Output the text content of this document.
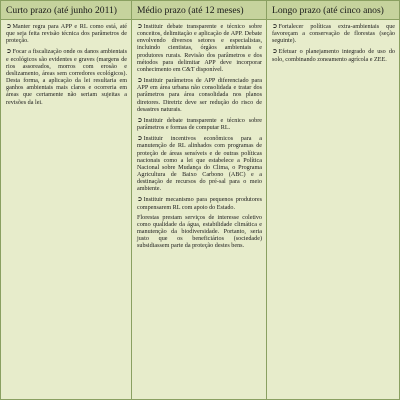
Curto prazo (até junho 2011)
➲Manter regra para APP e RL como está, até que seja feita revisão técnica dos parâmetros de proteção.
➲Focar a fiscalização onde os danos ambientais e ecológicos são evidentes e graves (margens de rios assoreados, morros com erosão e deslizamento, áreas sem corredores ecológicos). Desta forma, a aplicação da lei resultaria em ganhos ambientais mais claros e ocorreria em áreas que certamente não seriam sujeitas a revisões da lei.
Médio prazo (até 12 meses)
➲Instituir debate transparente e técnico sobre conceitos, delimitação e aplicação de APP. Debate envolvendo diversos setores e especialistas, incluindo cientistas, órgãos ambientais e produtores rurais. Revisão dos parâmetros e dos métodos para delimitar APP deve incorporar conhecimento em C&T disponível.
➲Instituir parâmetros de APP diferenciado para APP em área urbana não consolidada e tratar dos parâmetros para área consolidada nos planos diretores. Diretriz deve ser redução do risco de desastres naturais.
➲Instituir debate transparente e técnico sobre parâmetros e formas de computar RL.
➲Instituir incentivos econômicos para a manutenção de RL alinhados com programas de proteção de áreas sensíveis e de outras políticas nacionais como a lei que estabelece a Política Nacional sobre Mudança do Clima, o Programa Agricultura de Baixo Carbono (ABC) e a destinação de recursos do pré-sal para o meio ambiente.
➲Instituir mecanismo para pequenos produtores compensarem RL com apoio do Estado.
Florestas prestam serviços de interesse coletivo como qualidade da água, estabilidade climática e manutenção da biodiversidade. Portanto, seria justo que os beneficiários (sociedade) subsidiassem parte da proteção destes bens.
Longo prazo (até cinco anos)
➲Fortalecer políticas extra-ambientais que favoreçam a conservação de florestas (seção seguinte).
➲Efetuar o planejamento integrado de uso do solo, combinando zoneamento agrícola e ZEE.
